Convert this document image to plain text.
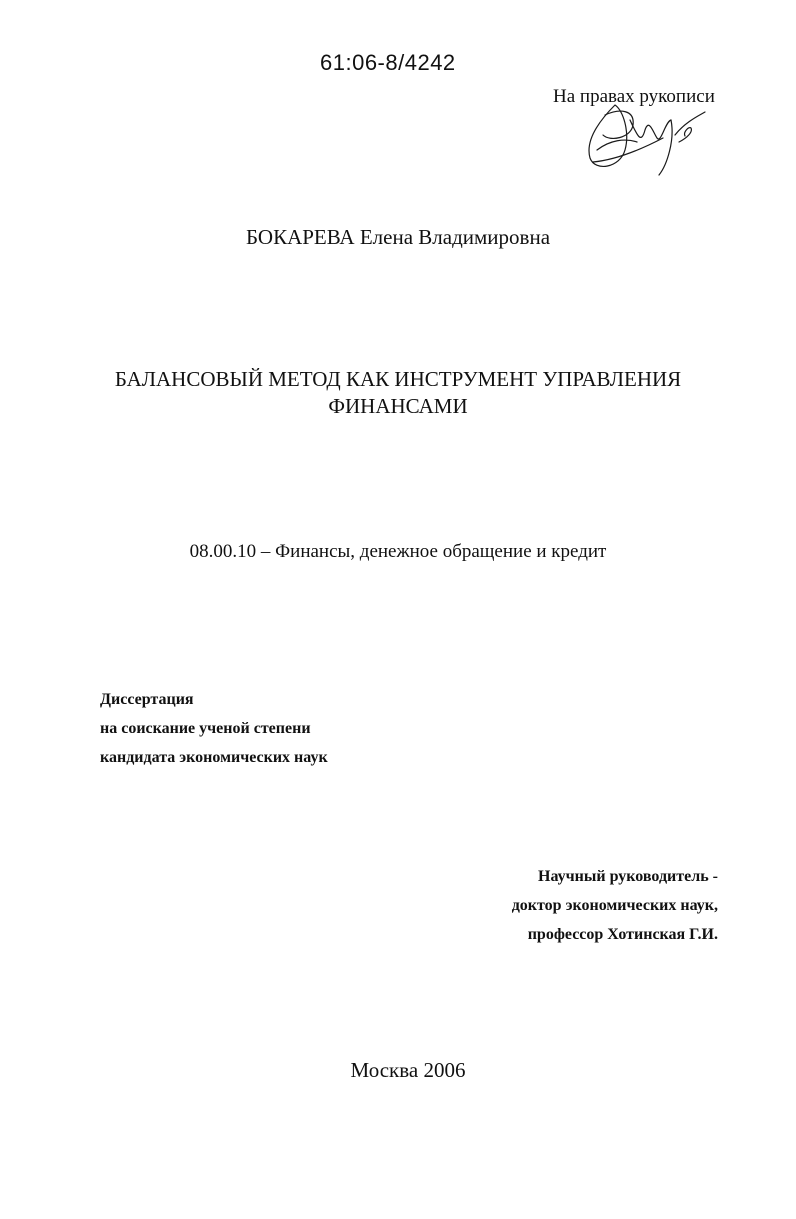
61:06-8/4242
На правах рукописи
БОКАРЕВА Елена Владимировна
БАЛАНСОВЫЙ МЕТОД КАК ИНСТРУМЕНТ УПРАВЛЕНИЯ
ФИНАНСАМИ
08.00.10 – Финансы, денежное обращение и кредит
Диссертация
на соискание ученой степени
кандидата экономических наук
Научный руководитель -
доктор экономических наук,
профессор Хотинская Г.И.
Москва 2006
